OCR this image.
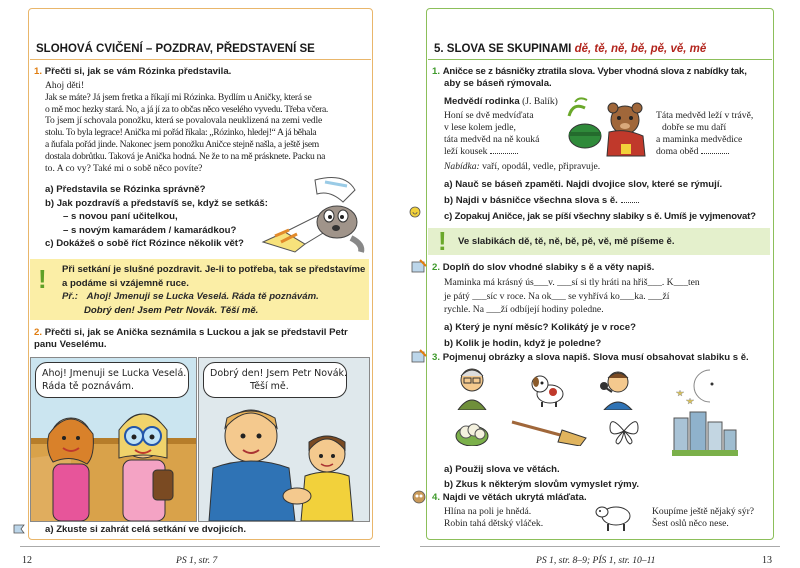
SLOHOVÁ CVIČENÍ – POZDRAV, PŘEDSTAVENÍ SE
1. Přečti si, jak se vám Rózinka představila.
Ahoj děti!
Jak se máte? Já jsem fretka a říkají mi Rózinka. Bydlím u Aničky, která se
o mě moc hezky stará. No, a já jí za to občas něco veselého vyvedu. Třeba včera.
To jsem jí schovala ponožku, která se povalovala neuklizená na zemi vedle
stolu. To byla legrace! Anička mi pořád říkala: „Rózinko, hledej!“ A já běhala
a ňufala pořád jinde. Nakonec jsem ponožku Aničce stejně našla, a ještě jsem
dostala dobrůtku. Taková je Anička hodná. Ne že to na mě prásknete. Packu na
to. A co vy? Také mi o sobě něco povíte?
a) Představila se Rózinka správně?
b) Jak pozdravíš a představíš se, když se setkáš:
– s novou paní učitelkou,
– s novým kamarádem / kamarádkou?
c) Dokážeš o sobě říct Rózince několik vět?
! Při setkání je slušné pozdravit. Je-li to potřeba, tak se představíme
a podáme si vzájemně ruce.
Př.: Ahoj! Jmenuji se Lucka Veselá. Ráda tě poznávám.
Dobrý den! Jsem Petr Novák. Těší mě.
2. Přečti si, jak se Anička seznámila s Luckou a jak se představil Petr
panu Veselému.
Ahoj! Jmenuji se Lucka Veselá.
Ráda tě poznávám.
Dobrý den! Jsem Petr Novák.
Těší mě.
a) Zkuste si zahrát celá setkání ve dvojicích.
12	PS 1, str. 7
5. SLOVA SE SKUPINAMI dě, tě, ně, bě, pě, vě, mě
1. Aničce se z básničky ztratila slova. Vyber vhodná slova z nabídky tak,
aby se báseň rýmovala.
Medvědí rodinka (J. Balík)
Honí se dvě medvíďata
v lese kolem jedle,
táta medvěd na ně kouká
leží kousek
Táta medvěd leží v trávě,
dobře se mu daří
a maminka medvědice
doma oběd
Nabídka: vaří, opodál, vedle, připravuje.
a) Nauč se báseň zpaměti. Najdi dvojice slov, které se rýmují.
b) Najdi v básničce všechna slova s ě.
c) Zopakuj Aničce, jak se píší všechny slabiky s ě. Umíš je vyjmenovat?
! Ve slabikách dě, tě, ně, bě, pě, vě, mě píšeme ě.
2. Doplň do slov vhodné slabiky s ě a věty napiš.
Maminka má krásný ús___v. ___sí si tly hráti na hřiš___. K___ten
je pátý ___síc v roce. Na ok___ se vyhřívá ko___ka. ___ží
rychle. Na ___ží odbíjejí hodiny poledne.
a) Který je nyní měsíc? Kolikátý je v roce?
b) Kolik je hodin, když je poledne?
3. Pojmenuj obrázky a slova napiš. Slova musí obsahovat slabiku s ě.
a) Použij slova ve větách.
b) Zkus k některým slovům vymyslet rýmy.
4. Najdi ve větách ukrytá mláďata.
Hlína na poli je hnědá.
Robin tahá dětský vláček.
Koupíme ještě nějaký sýr?
Šest oslů něco nese.
PS 1, str. 8–9; PÍS 1, str. 10–11	13
